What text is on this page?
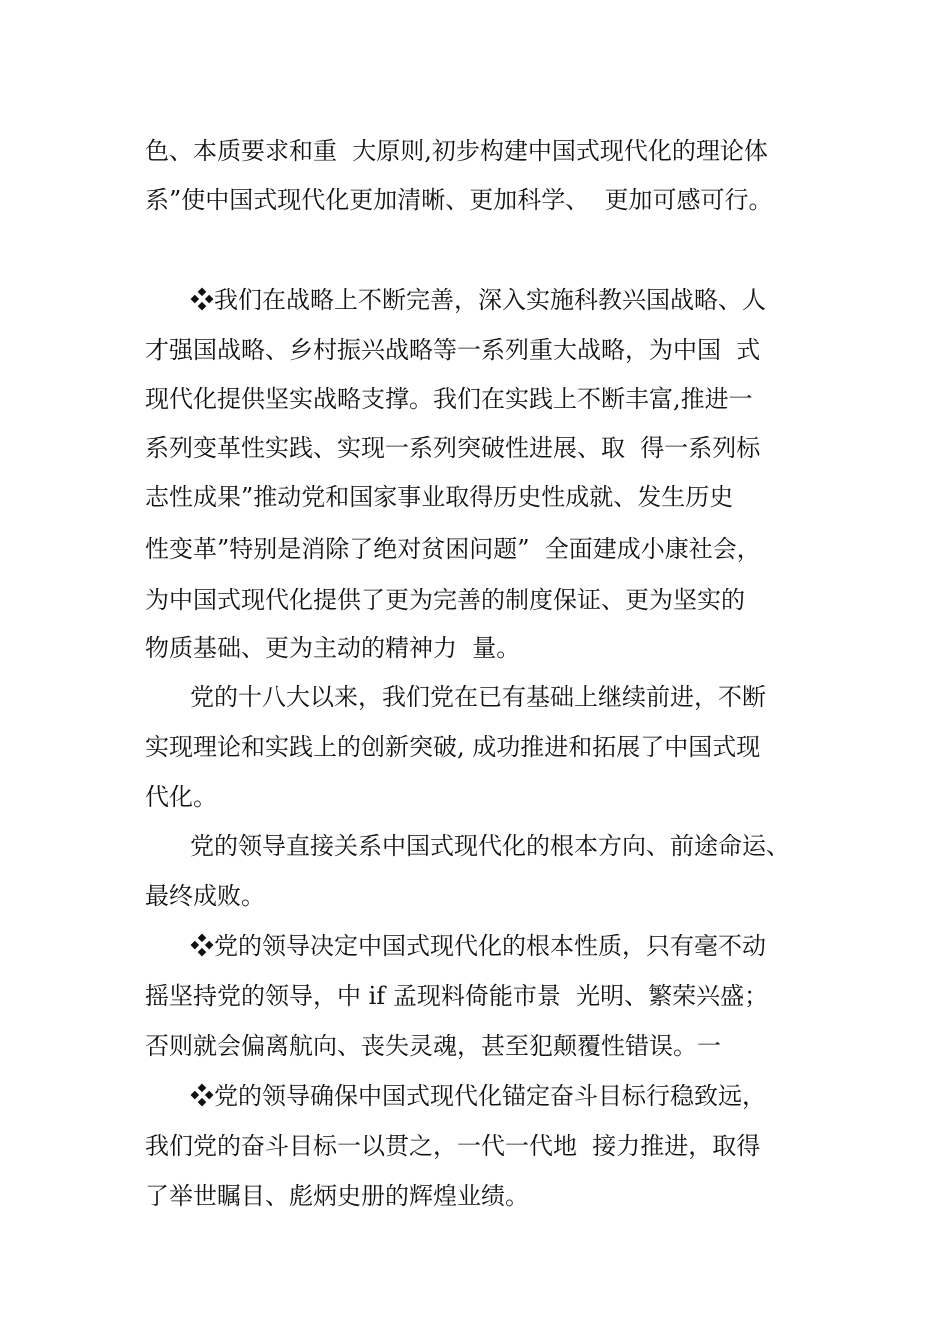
色、本质要求和重  大原则,初步构建中国式现代化的理论体
系”使中国式现代化更加清晰、更加科学、  更加可感可行。
❖我们在战略上不断完善，深入实施科教兴国战略、人
才强国战略、乡村振兴战略等一系列重大战略，为中国  式
现代化提供坚实战略支撑。我们在实践上不断丰富,推进一
系列变革性实践、实现一系列突破性进展、取  得一系列标
志性成果”推动党和国家事业取得历史性成就、发生历史
性变革”特别是消除了绝对贫困问题”  全面建成小康社会，
为中国式现代化提供了更为完善的制度保证、更为坚实的
物质基础、更为主动的精神力  量。
党的十八大以来，我们党在已有基础上继续前进，不断
实现理论和实践上的创新突破, 成功推进和拓展了中国式现
代化。
党的领导直接关系中国式现代化的根本方向、前途命运、
最终成败。
❖党的领导决定中国式现代化的根本性质，只有毫不动
摇坚持党的领导，中 if 孟现料倚能市景  光明、繁荣兴盛；
否则就会偏离航向、丧失灵魂，甚至犯颠覆性错误。一
❖党的领导确保中国式现代化锚定奋斗目标行稳致远，
我们党的奋斗目标一以贯之，一代一代地  接力推进，取得
了举世瞩目、彪炳史册的辉煌业绩。
